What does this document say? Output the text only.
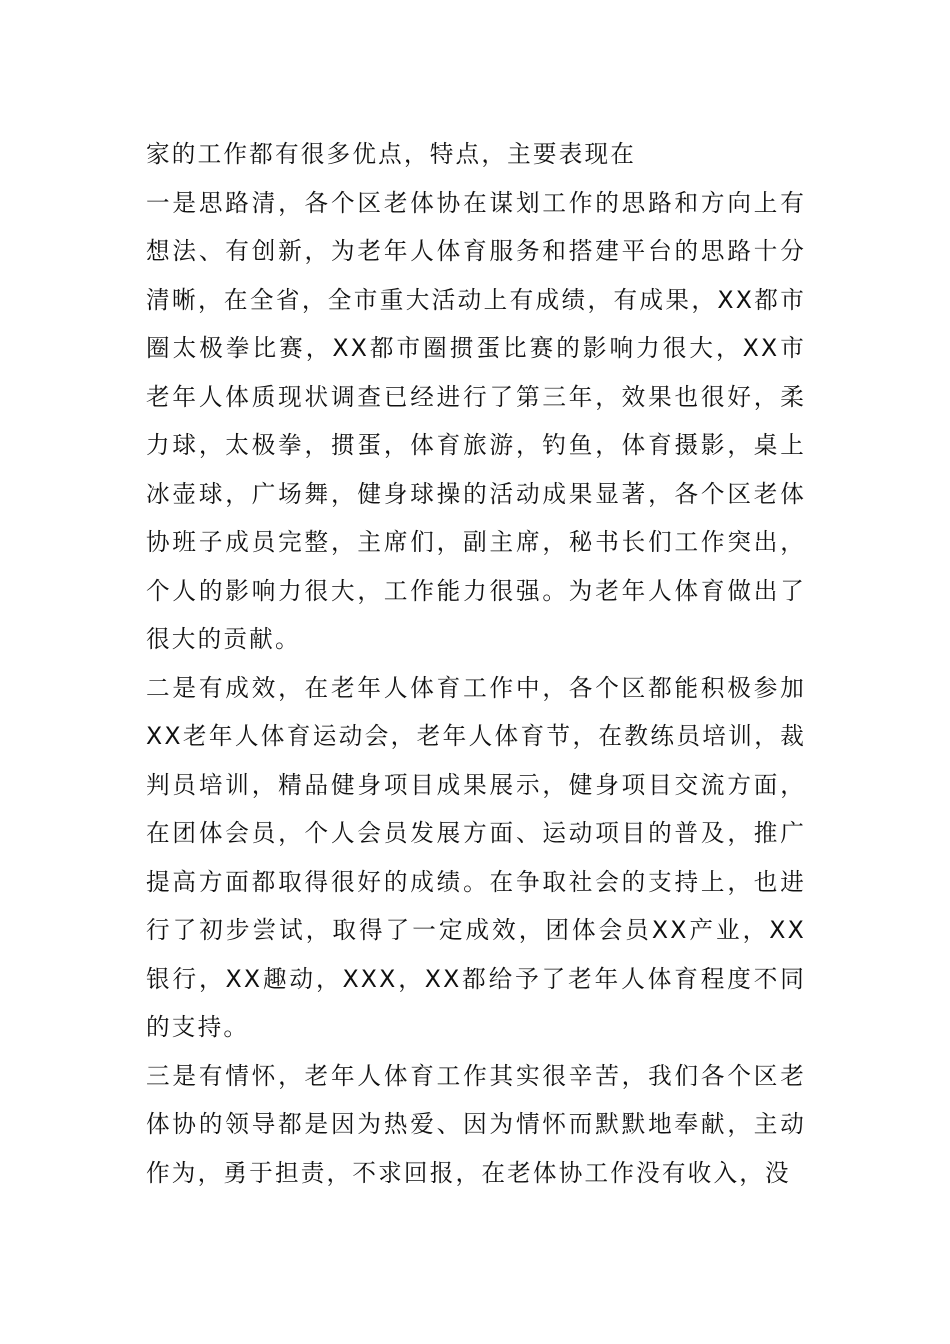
家的工作都有很多优点，特点，主要表现在

一是思路清，各个区老体协在谋划工作的思路和方向上有想法、有创新，为老年人体育服务和搭建平台的思路十分清晰，在全省，全市重大活动上有成绩，有成果，XX都市圈太极拳比赛，XX都市圈掼蛋比赛的影响力很大，XX市老年人体质现状调查已经进行了第三年，效果也很好，柔力球，太极拳，掼蛋，体育旅游，钓鱼，体育摄影，桌上冰壶球，广场舞，健身球操的活动成果显著，各个区老体协班子成员完整，主席们，副主席，秘书长们工作突出，个人的影响力很大，工作能力很强。为老年人体育做出了很大的贡献。

二是有成效，在老年人体育工作中，各个区都能积极参加XX老年人体育运动会，老年人体育节，在教练员培训，裁判员培训，精品健身项目成果展示，健身项目交流方面，在团体会员，个人会员发展方面、运动项目的普及，推广提高方面都取得很好的成绩。在争取社会的支持上，也进行了初步尝试，取得了一定成效，团体会员XX产业，XX银行，XX趣动，XXX，XX都给予了老年人体育程度不同的支持。

三是有情怀，老年人体育工作其实很辛苦，我们各个区老体协的领导都是因为热爱、因为情怀而默默地奉献，主动作为，勇于担责，不求回报，在老体协工作没有收入，没
